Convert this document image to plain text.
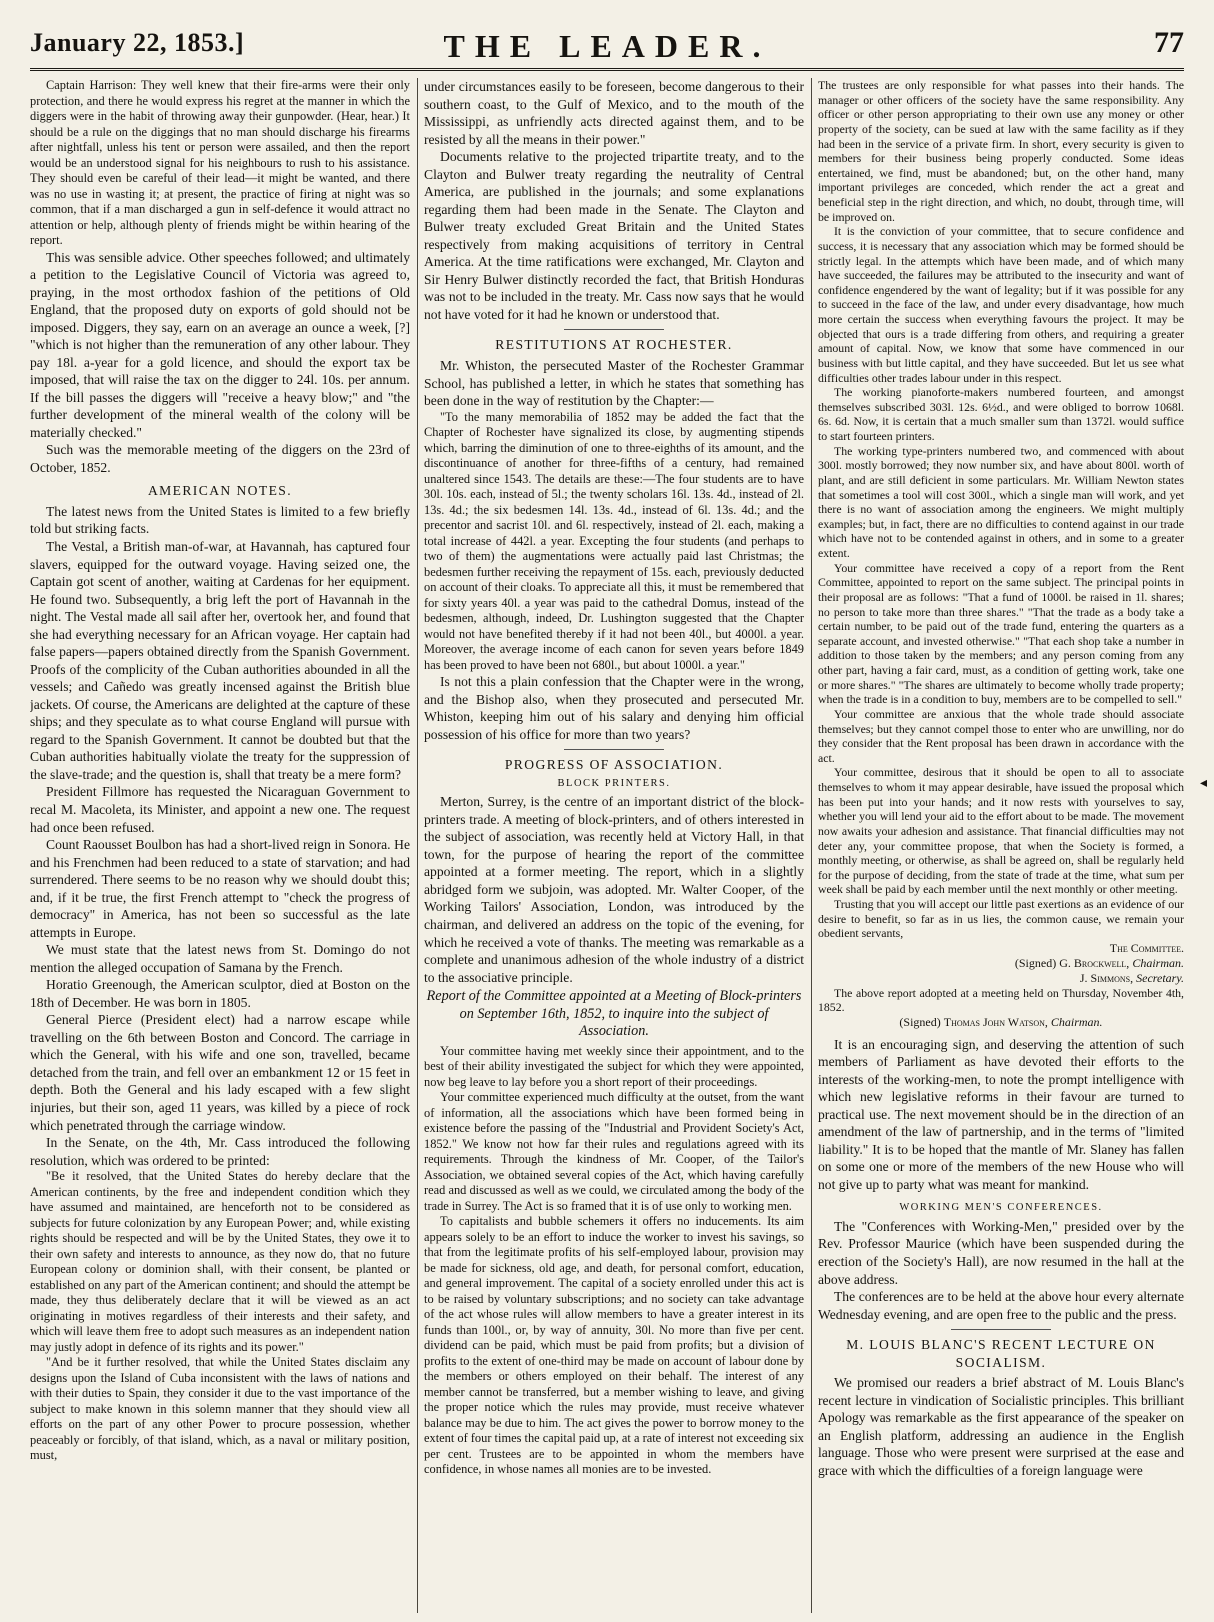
January 22, 1853.]	THE LEADER.	77

Captain Harrison: They well knew that their fire-arms were their only protection, and there he would express his regret at the manner in which the diggers were in the habit of throwing away their gunpowder. (Hear, hear.) It should be a rule on the diggings that no man should discharge his firearms after nightfall, unless his tent or person were assailed, and then the report would be an understood signal for his neighbours to rush to his assistance. They should even be careful of their lead—it might be wanted, and there was no use in wasting it; at present, the practice of firing at night was so common, that if a man discharged a gun in self-defence it would attract no attention or help, although plenty of friends might be within hearing of the report.

This was sensible advice. Other speeches followed; and ultimately a petition to the Legislative Council of Victoria was agreed to, praying, in the most orthodox fashion of the petitions of Old England, that the proposed duty on exports of gold should not be imposed. Diggers, they say, earn on an average an ounce a week, [?] "which is not higher than the remuneration of any other labour. They pay 18l. a-year for a gold licence, and should the export tax be imposed, that will raise the tax on the digger to 24l. 10s. per annum. If the bill passes the diggers will "receive a heavy blow;" and "the further development of the mineral wealth of the colony will be materially checked."

Such was the memorable meeting of the diggers on the 23rd of October, 1852.

AMERICAN NOTES.

The latest news from the United States is limited to a few briefly told but striking facts.

The Vestal, a British man-of-war, at Havannah, has captured four slavers, equipped for the outward voyage. Having seized one, the Captain got scent of another, waiting at Cardenas for her equipment. He found two. Subsequently, a brig left the port of Havannah in the night. The Vestal made all sail after her, overtook her, and found that she had everything necessary for an African voyage. Her captain had false papers—papers obtained directly from the Spanish Government. Proofs of the complicity of the Cuban authorities abounded in all the vessels; and Cañedo was greatly incensed against the British blue jackets. Of course, the Americans are delighted at the capture of these ships; and they speculate as to what course England will pursue with regard to the Spanish Government. It cannot be doubted but that the Cuban authorities habitually violate the treaty for the suppression of the slave-trade; and the question is, shall that treaty be a mere form?

President Fillmore has requested the Nicaraguan Government to recal M. Macoleta, its Minister, and appoint a new one. The request had once been refused.

Count Raousset Boulbon has had a short-lived reign in Sonora. He and his Frenchmen had been reduced to a state of starvation; and had surrendered. There seems to be no reason why we should doubt this; and, if it be true, the first French attempt to "check the progress of democracy" in America, has not been so successful as the late attempts in Europe.

We must state that the latest news from St. Domingo do not mention the alleged occupation of Samana by the French.

Horatio Greenough, the American sculptor, died at Boston on the 18th of December. He was born in 1805.

General Pierce (President elect) had a narrow escape while travelling on the 6th between Boston and Concord. The carriage in which the General, with his wife and one son, travelled, became detached from the train, and fell over an embankment 12 or 15 feet in depth. Both the General and his lady escaped with a few slight injuries, but their son, aged 11 years, was killed by a piece of rock which penetrated through the carriage window.

In the Senate, on the 4th, Mr. Cass introduced the following resolution, which was ordered to be printed:

"Be it resolved, that the United States do hereby declare that the American continents, by the free and independent condition which they have assumed and maintained, are henceforth not to be considered as subjects for future colonization by any European Power; and, while existing rights should be respected and will be by the United States, they owe it to their own safety and interests to announce, as they now do, that no future European colony or dominion shall, with their consent, be planted or established on any part of the American continent; and should the attempt be made, they thus deliberately declare that it will be viewed as an act originating in motives regardless of their interests and their safety, and which will leave them free to adopt such measures as an independent nation may justly adopt in defence of its rights and its power."

"And be it further resolved, that while the United States disclaim any designs upon the Island of Cuba inconsistent with the laws of nations and with their duties to Spain, they consider it due to the vast importance of the subject to make known in this solemn manner that they should view all efforts on the part of any other Power to procure possession, whether peaceably or forcibly, of that island, which, as a naval or military position, must,

under circumstances easily to be foreseen, become dangerous to their southern coast, to the Gulf of Mexico, and to the mouth of the Mississippi, as unfriendly acts directed against them, and to be resisted by all the means in their power."

Documents relative to the projected tripartite treaty, and to the Clayton and Bulwer treaty regarding the neutrality of Central America, are published in the journals; and some explanations regarding them had been made in the Senate. The Clayton and Bulwer treaty excluded Great Britain and the United States respectively from making acquisitions of territory in Central America. At the time ratifications were exchanged, Mr. Clayton and Sir Henry Bulwer distinctly recorded the fact, that British Honduras was not to be included in the treaty. Mr. Cass now says that he would not have voted for it had he known or understood that.

RESTITUTIONS AT ROCHESTER.

Mr. Whiston, the persecuted Master of the Rochester Grammar School, has published a letter, in which he states that something has been done in the way of restitution by the Chapter:—

"To the many memorabilia of 1852 may be added the fact that the Chapter of Rochester have signalized its close, by augmenting stipends which, barring the diminution of one to three-eighths of its amount, and the discontinuance of another for three-fifths of a century, had remained unaltered since 1543. The details are these:—The four students are to have 30l. 10s. each, instead of 5l.; the twenty scholars 16l. 13s. 4d., instead of 2l. 13s. 4d.; the six bedesmen 14l. 13s. 4d., instead of 6l. 13s. 4d.; and the precentor and sacrist 10l. and 6l. respectively, instead of 2l. each, making a total increase of 442l. a year. Excepting the four students (and perhaps to two of them) the augmentations were actually paid last Christmas; the bedesmen further receiving the repayment of 15s. each, previously deducted on account of their cloaks. To appreciate all this, it must be remembered that for sixty years 40l. a year was paid to the cathedral Domus, instead of the bedesmen, although, indeed, Dr. Lushington suggested that the Chapter would not have benefited thereby if it had not been 40l., but 4000l. a year. Moreover, the average income of each canon for seven years before 1849 has been proved to have been not 680l., but about 1000l. a year."

Is not this a plain confession that the Chapter were in the wrong, and the Bishop also, when they prosecuted and persecuted Mr. Whiston, keeping him out of his salary and denying him official possession of his office for more than two years?

PROGRESS OF ASSOCIATION.
BLOCK PRINTERS.

Merton, Surrey, is the centre of an important district of the block-printers trade. A meeting of block-printers, and of others interested in the subject of association, was recently held at Victory Hall, in that town, for the purpose of hearing the report of the committee appointed at a former meeting. The report, which in a slightly abridged form we subjoin, was adopted. Mr. Walter Cooper, of the Working Tailors' Association, London, was introduced by the chairman, and delivered an address on the topic of the evening, for which he received a vote of thanks. The meeting was remarkable as a complete and unanimous adhesion of the whole industry of a district to the associative principle.

Report of the Committee appointed at a Meeting of Block-printers on September 16th, 1852, to inquire into the subject of Association.

Your committee having met weekly since their appointment, and to the best of their ability investigated the subject for which they were appointed, now beg leave to lay before you a short report of their proceedings.

Your committee experienced much difficulty at the outset, from the want of information, all the associations which have been formed being in existence before the passing of the "Industrial and Provident Society's Act, 1852." We know not how far their rules and regulations agreed with its requirements. Through the kindness of Mr. Cooper, of the Tailor's Association, we obtained several copies of the Act, which having carefully read and discussed as well as we could, we circulated among the body of the trade in Surrey. The Act is so framed that it is of use only to working men.

To capitalists and bubble schemers it offers no inducements. Its aim appears solely to be an effort to induce the worker to invest his savings, so that from the legitimate profits of his self-employed labour, provision may be made for sickness, old age, and death, for personal comfort, education, and general improvement. The capital of a society enrolled under this act is to be raised by voluntary subscriptions; and no society can take advantage of the act whose rules will allow members to have a greater interest in its funds than 100l., or, by way of annuity, 30l. No more than five per cent. dividend can be paid, which must be paid from profits; but a division of profits to the extent of one-third may be made on account of labour done by the members or others employed on their behalf. The interest of any member cannot be transferred, but a member wishing to leave, and giving the proper notice which the rules may provide, must receive whatever balance may be due to him. The act gives the power to borrow money to the extent of four times the capital paid up, at a rate of interest not exceeding six per cent. Trustees are to be appointed in whom the members have confidence, in whose names all monies are to be invested.

The trustees are only responsible for what passes into their hands. The manager or other officers of the society have the same responsibility. Any officer or other person appropriating to their own use any money or other property of the society, can be sued at law with the same facility as if they had been in the service of a private firm. In short, every security is given to members for their business being properly conducted. Some ideas entertained, we find, must be abandoned; but, on the other hand, many important privileges are conceded, which render the act a great and beneficial step in the right direction, and which, no doubt, through time, will be improved on.

It is the conviction of your committee, that to secure confidence and success, it is necessary that any association which may be formed should be strictly legal. In the attempts which have been made, and of which many have succeeded, the failures may be attributed to the insecurity and want of confidence engendered by the want of legality; but if it was possible for any to succeed in the face of the law, and under every disadvantage, how much more certain the success when everything favours the project. It may be objected that ours is a trade differing from others, and requiring a greater amount of capital. Now, we know that some have commenced in our business with but little capital, and they have succeeded. But let us see what difficulties other trades labour under in this respect.

The working pianoforte-makers numbered fourteen, and amongst themselves subscribed 303l. 12s. 6½d., and were obliged to borrow 1068l. 6s. 6d. Now, it is certain that a much smaller sum than 1372l. would suffice to start fourteen printers.

The working type-printers numbered two, and commenced with about 300l. mostly borrowed; they now number six, and have about 800l. worth of plant, and are still deficient in some particulars. Mr. William Newton states that sometimes a tool will cost 300l., which a single man will work, and yet there is no want of association among the engineers. We might multiply examples; but, in fact, there are no difficulties to contend against in our trade which have not to be contended against in others, and in some to a greater extent.

Your committee have received a copy of a report from the Rent Committee, appointed to report on the same subject. The principal points in their proposal are as follows: "That a fund of 1000l. be raised in 1l. shares; no person to take more than three shares." "That the trade as a body take a certain number, to be paid out of the trade fund, entering the quarters as a separate account, and invested otherwise." "That each shop take a number in addition to those taken by the members; and any person coming from any other part, having a fair card, must, as a condition of getting work, take one or more shares." "The shares are ultimately to become wholly trade property; when the trade is in a condition to buy, members are to be compelled to sell."

Your committee are anxious that the whole trade should associate themselves; but they cannot compel those to enter who are unwilling, nor do they consider that the Rent proposal has been drawn in accordance with the act.

Your committee, desirous that it should be open to all to associate themselves to whom it may appear desirable, have issued the proposal which has been put into your hands; and it now rests with yourselves to say, whether you will lend your aid to the effort about to be made. The movement now awaits your adhesion and assistance. That financial difficulties may not deter any, your committee propose, that when the Society is formed, a monthly meeting, or otherwise, as shall be agreed on, shall be regularly held for the purpose of deciding, from the state of trade at the time, what sum per week shall be paid by each member until the next monthly or other meeting.

Trusting that you will accept our little past exertions as an evidence of our desire to benefit, so far as in us lies, the common cause, we remain your obedient servants,

The Committee.
(Signed) G. Brockwell, Chairman.
J. Simmons, Secretary.

The above report adopted at a meeting held on Thursday, November 4th, 1852.

(Signed) Thomas John Watson, Chairman.

It is an encouraging sign, and deserving the attention of such members of Parliament as have devoted their efforts to the interests of the working-men, to note the prompt intelligence with which new legislative reforms in their favour are turned to practical use. The next movement should be in the direction of an amendment of the law of partnership, and in the terms of "limited liability." It is to be hoped that the mantle of Mr. Slaney has fallen on some one or more of the members of the new House who will not give up to party what was meant for mankind.

WORKING MEN'S CONFERENCES.

The "Conferences with Working-Men," presided over by the Rev. Professor Maurice (which have been suspended during the erection of the Society's Hall), are now resumed in the hall at the above address.

The conferences are to be held at the above hour every alternate Wednesday evening, and are open free to the public and the press.

M. LOUIS BLANC'S RECENT LECTURE ON SOCIALISM.

We promised our readers a brief abstract of M. Louis Blanc's recent lecture in vindication of Socialistic principles. This brilliant Apology was remarkable as the first appearance of the speaker on an English platform, addressing an audience in the English language. Those who were present were surprised at the ease and grace with which the difficulties of a foreign language were

◂
